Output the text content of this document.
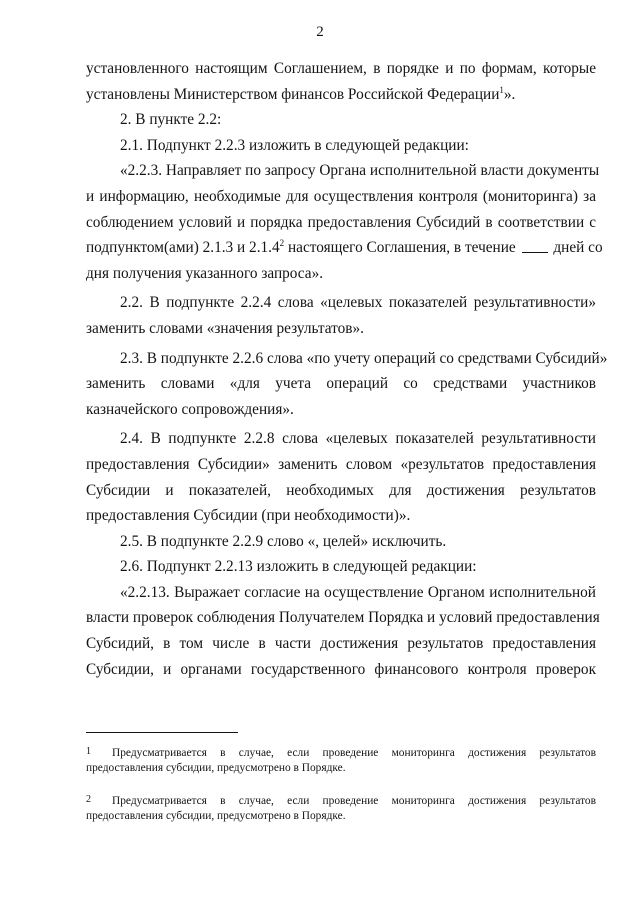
2
установленного настоящим Соглашением, в порядке и по формам, которые
установлены Министерством финансов Российской Федерации$^1$».
2. В пункте 2.2:
2.1. Подпункт 2.2.3 изложить в следующей редакции:
«2.2.3. Направляет по запросу Органа исполнительной власти документы
и информацию, необходимые для осуществления контроля (мониторинга) за
соблюдением условий и порядка предоставления Субсидий в соответствии с
подпунктом(ами) 2.1.3 и 2.1.4$^2$ настоящего Соглашения, в течение дней со
дня получения указанного запроса».
2.2. В подпункте 2.2.4 слова «целевых показателей результативности»
заменить словами «значения результатов».
2.3. В подпункте 2.2.6 слова «по учету операций со средствами Субсидий»
заменить словами «для учета операций со средствами участников
казначейского сопровождения».
2.4. В подпункте 2.2.8 слова «целевых показателей результативности
предоставления Субсидии» заменить словом «результатов предоставления
Субсидии и показателей, необходимых для достижения результатов
предоставления Субсидии (при необходимости)».
2.5. В подпункте 2.2.9 слово «, целей» исключить.
2.6. Подпункт 2.2.13 изложить в следующей редакции:
«2.2.13. Выражает согласие на осуществление Органом исполнительной
власти проверок соблюдения Получателем Порядка и условий предоставления
Субсидий, в том числе в части достижения результатов предоставления
Субсидии, и органами государственного финансового контроля проверок
1 Предусматривается в случае, если проведение мониторинга достижения результатов
предоставления субсидии, предусмотрено в Порядке.
2 Предусматривается в случае, если проведение мониторинга достижения результатов
предоставления субсидии, предусмотрено в Порядке.
